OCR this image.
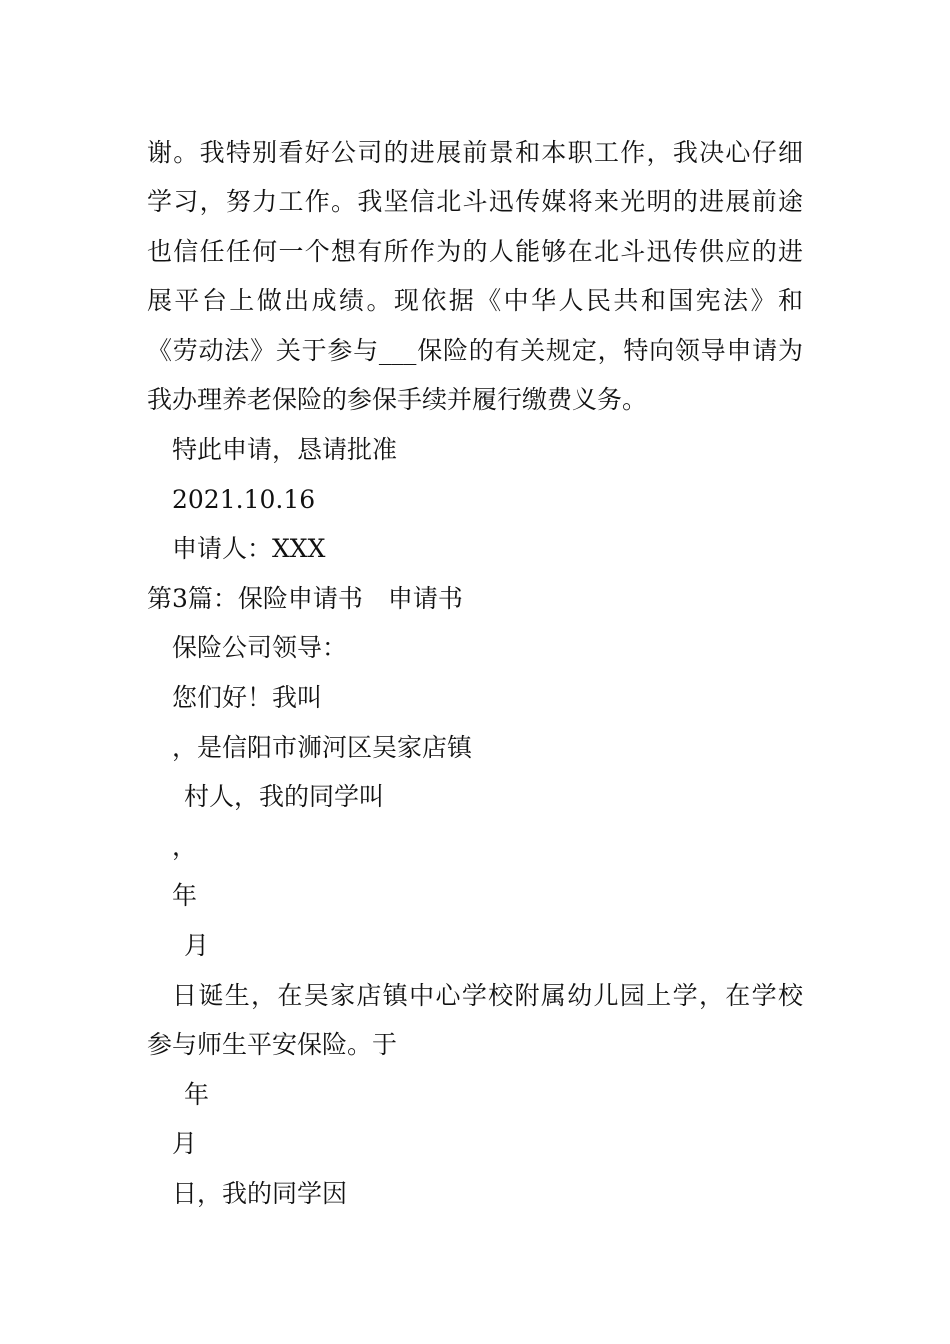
谢。我特别看好公司的进展前景和本职工作，我决心仔细
学习，努力工作。我坚信北斗迅传媒将来光明的进展前途
也信任任何一个想有所作为的人能够在北斗迅传供应的进
展平台上做出成绩。现依据《中华人民共和国宪法》和
《劳动法》关于参与___保险的有关规定，特向领导申请为
我办理养老保险的参保手续并履行缴费义务。
特此申请，恳请批准
2021.10.16
申请人：XXX
第3篇：保险申请书　申请书
保险公司领导：
您们好！我叫
，是信阳市浉河区吴家店镇
村人，我的同学叫
，
年
月
日诞生，在吴家店镇中心学校附属幼儿园上学，在学校
参与师生平安保险。于
年
月
日，我的同学因
